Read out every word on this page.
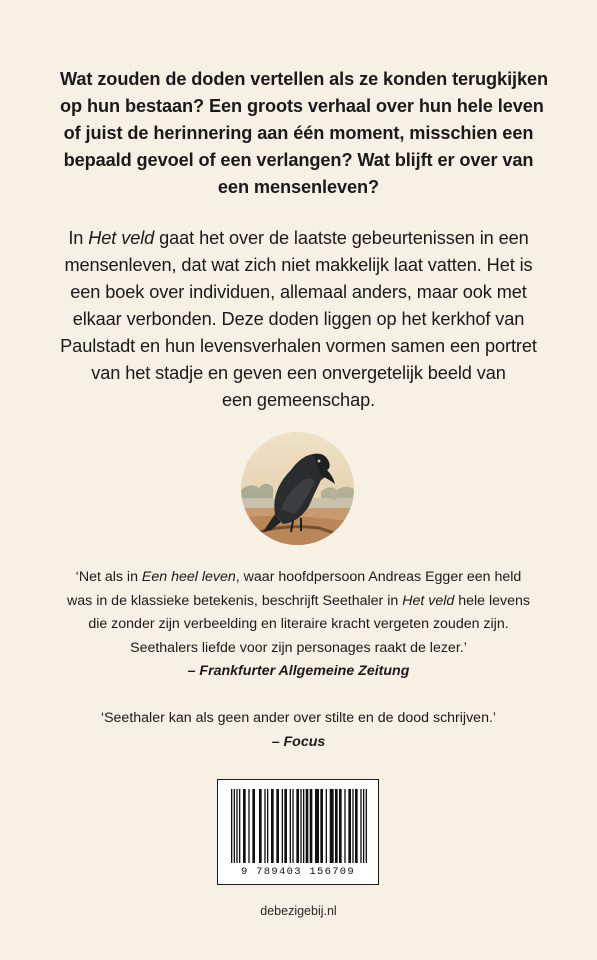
Wat zouden de doden vertellen als ze konden terugkijken
op hun bestaan? Een groots verhaal over hun hele leven
of juist de herinnering aan één moment, misschien een
bepaald gevoel of een verlangen? Wat blijft er over van
een mensenleven?
In Het veld gaat het over de laatste gebeurtenissen in een
mensenleven, dat wat zich niet makkelijk laat vatten. Het is
een boek over individuen, allemaal anders, maar ook met
elkaar verbonden. Deze doden liggen op het kerkhof van
Paulstadt en hun levensverhalen vormen samen een portret
van het stadje en geven een onvergetelijk beeld van
een gemeenschap.
‘Net als in Een heel leven, waar hoofdpersoon Andreas Egger een held
was in de klassieke betekenis, beschrijft Seethaler in Het veld hele levens
die zonder zijn verbeelding en literaire kracht vergeten zouden zijn.
Seethalers liefde voor zijn personages raakt de lezer.’
– Frankfurter Allgemeine Zeitung
‘Seethaler kan als geen ander over stilte en de dood schrijven.’
– Focus
9 789403 156709
debezigebij.nl
